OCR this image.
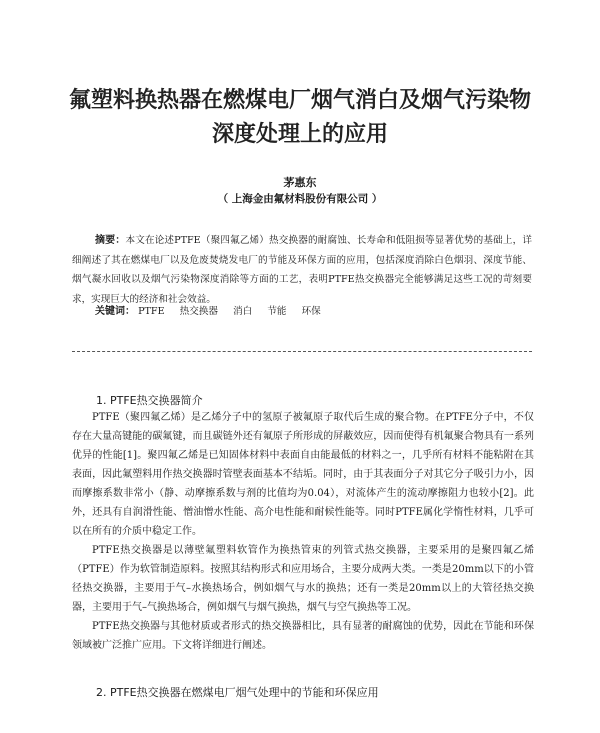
氟塑料换热器在燃煤电厂烟气消白及烟气污染物深度处理上的应用
茅惠东
（ 上海金由氟材料股份有限公司 ）
摘要：本文在论述PTFE（聚四氟乙烯）热交换器的耐腐蚀、长寿命和低阻损等显著优势的基础上，详细阐述了其在燃煤电厂以及危废焚烧发电厂的节能及环保方面的应用，包括深度消除白色烟羽、深度节能、烟气凝水回收以及烟气污染物深度消除等方面的工艺，表明PTFE热交换器完全能够满足这些工况的苛刻要求，实现巨大的经济和社会效益。
关键词： PTFE 热交换器 消白 节能 环保
1. PTFE热交换器简介

PTFE（聚四氟乙烯）是乙烯分子中的氢原子被氟原子取代后生成的聚合物。在PTFE分子中，不仅存在大量高键能的碳氟键，而且碳链外还有氟原子所形成的屏蔽效应，因而使得有机氟聚合物具有一系列优异的性能[1]。聚四氟乙烯是已知固体材料中表面自由能最低的材料之一，几乎所有材料不能粘附在其表面，因此氟塑料用作热交换器时管壁表面基本不结垢。同时，由于其表面分子对其它分子吸引力小，因而摩擦系数非常小（静、动摩擦系数与剂的比值均为0.04），对流体产生的流动摩擦阻力也较小[2]。此外，还具有自润滑性能、憎油憎水性能、高介电性能和耐候性能等。同时PTFE属化学惰性材料，几乎可以在所有的介质中稳定工作。

PTFE热交换器是以薄壁氟塑料软管作为换热管束的列管式热交换器，主要采用的是聚四氟乙烯（PTFE）作为软管制造原料。按照其结构形式和应用场合，主要分成两大类。一类是20mm以下的小管径热交换器，主要用于气–水换热场合，例如烟气与水的换热；还有一类是20mm以上的大管径热交换器，主要用于气–气换热场合，例如烟气与烟气换热，烟气与空气换热等工况。

PTFE热交换器与其他材质或者形式的热交换器相比，具有显著的耐腐蚀的优势，因此在节能和环保领域被广泛推广应用。下文将详细进行阐述。

2. PTFE热交换器在燃煤电厂烟气处理中的节能和环保应用
